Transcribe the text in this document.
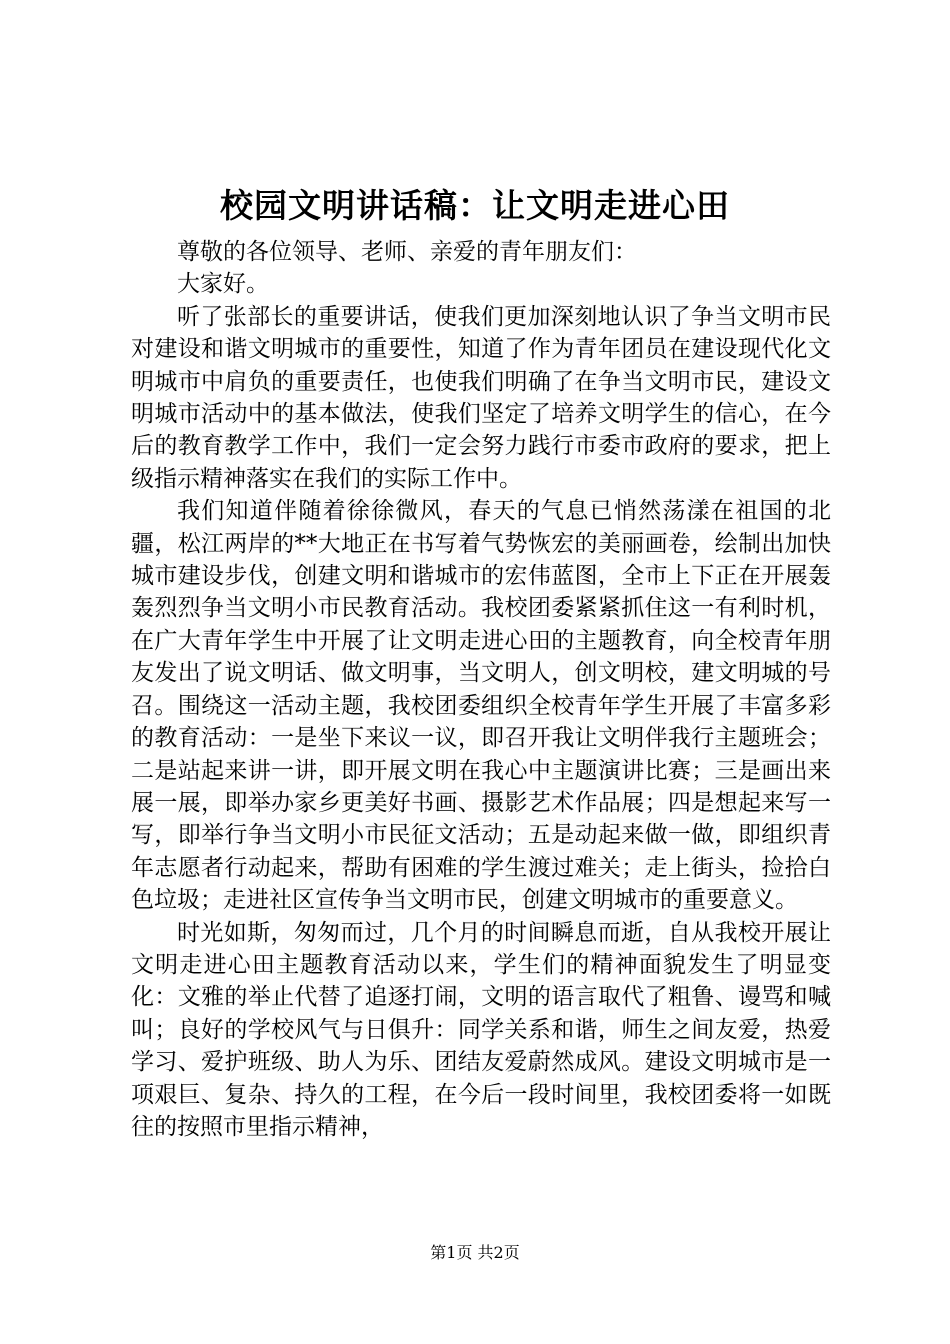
校园文明讲话稿：让文明走进心田

尊敬的各位领导、老师、亲爱的青年朋友们：

大家好。

听了张部长的重要讲话，使我们更加深刻地认识了争当文明市民对建设和谐文明城市的重要性，知道了作为青年团员在建设现代化文明城市中肩负的重要责任，也使我们明确了在争当文明市民，建设文明城市活动中的基本做法，使我们坚定了培养文明学生的信心，在今后的教育教学工作中，我们一定会努力践行市委市政府的要求，把上级指示精神落实在我们的实际工作中。

我们知道伴随着徐徐微风，春天的气息已悄然荡漾在祖国的北疆，松江两岸的**大地正在书写着气势恢宏的美丽画卷，绘制出加快城市建设步伐，创建文明和谐城市的宏伟蓝图，全市上下正在开展轰轰烈烈争当文明小市民教育活动。我校团委紧紧抓住这一有利时机，在广大青年学生中开展了让文明走进心田的主题教育，向全校青年朋友发出了说文明话、做文明事，当文明人，创文明校，建文明城的号召。围绕这一活动主题，我校团委组织全校青年学生开展了丰富多彩的教育活动：一是坐下来议一议，即召开我让文明伴我行主题班会；二是站起来讲一讲，即开展文明在我心中主题演讲比赛；三是画出来展一展，即举办家乡更美好书画、摄影艺术作品展；四是想起来写一写，即举行争当文明小市民征文活动；五是动起来做一做，即组织青年志愿者行动起来，帮助有困难的学生渡过难关；走上街头，捡拾白色垃圾；走进社区宣传争当文明市民，创建文明城市的重要意义。

时光如斯，匆匆而过，几个月的时间瞬息而逝，自从我校开展让文明走进心田主题教育活动以来，学生们的精神面貌发生了明显变化：文雅的举止代替了追逐打闹，文明的语言取代了粗鲁、谩骂和喊叫；良好的学校风气与日俱升：同学关系和谐，师生之间友爱，热爱学习、爱护班级、助人为乐、团结友爱蔚然成风。建设文明城市是一项艰巨、复杂、持久的工程，在今后一段时间里，我校团委将一如既往的按照市里指示精神，

第1页 共2页
